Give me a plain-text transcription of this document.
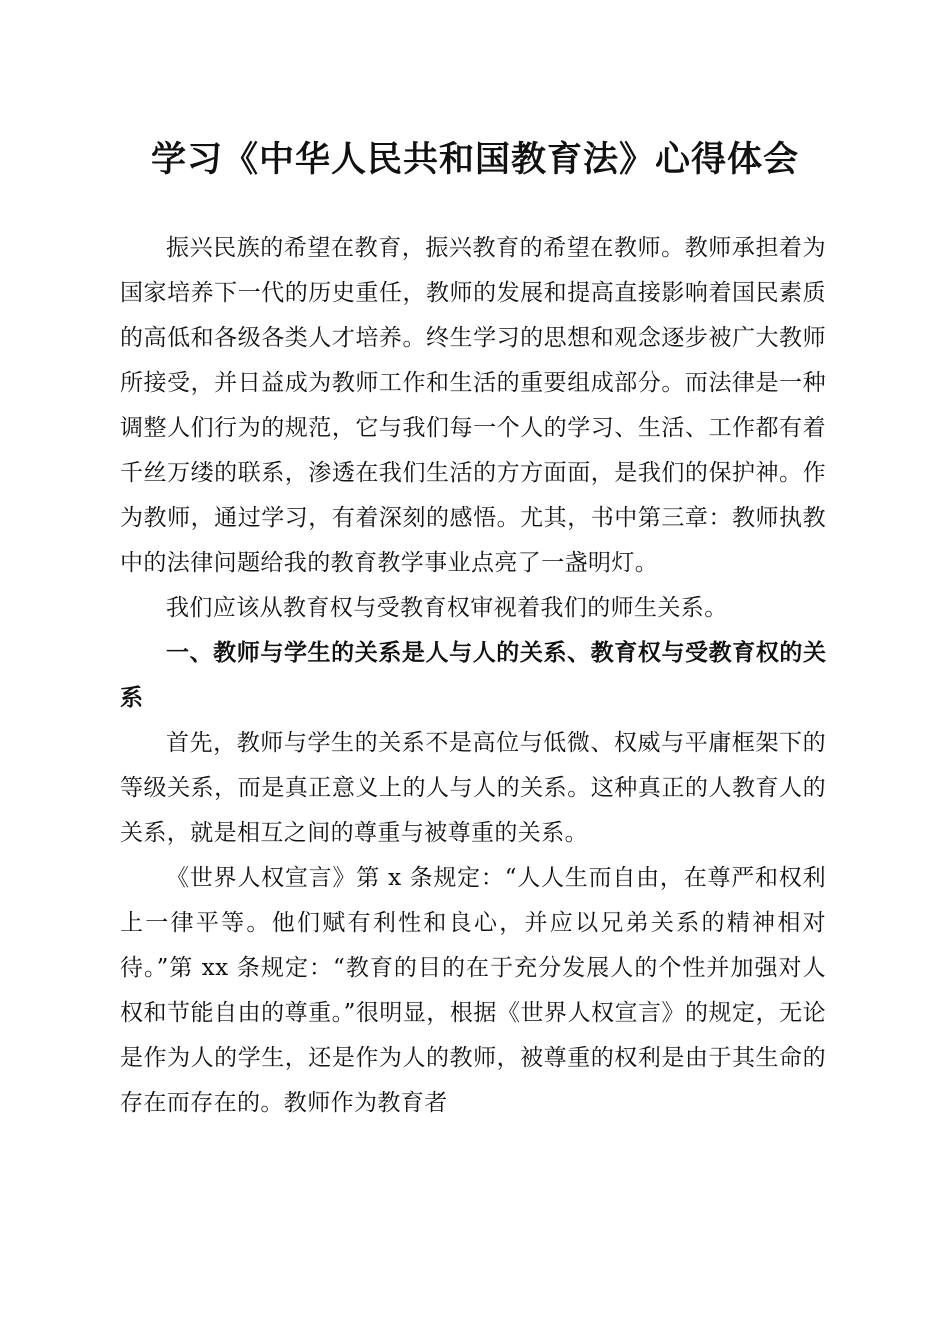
学习《中华人民共和国教育法》心得体会

振兴民族的希望在教育，振兴教育的希望在教师。教师承担着为国家培养下一代的历史重任，教师的发展和提高直接影响着国民素质的高低和各级各类人才培养。终生学习的思想和观念逐步被广大教师所接受，并日益成为教师工作和生活的重要组成部分。而法律是一种调整人们行为的规范，它与我们每一个人的学习、生活、工作都有着千丝万缕的联系，渗透在我们生活的方方面面，是我们的保护神。作为教师，通过学习，有着深刻的感悟。尤其，书中第三章：教师执教中的法律问题给我的教育教学事业点亮了一盏明灯。

我们应该从教育权与受教育权审视着我们的师生关系。

一、教师与学生的关系是人与人的关系、教育权与受教育权的关系

首先，教师与学生的关系不是高位与低微、权威与平庸框架下的等级关系，而是真正意义上的人与人的关系。这种真正的人教育人的关系，就是相互之间的尊重与被尊重的关系。

《世界人权宣言》第 x 条规定：“人人生而自由，在尊严和权利上一律平等。他们赋有利性和良心，并应以兄弟关系的精神相对待。”第 xx 条规定：“教育的目的在于充分发展人的个性并加强对人权和节能自由的尊重。”很明显，根据《世界人权宣言》的规定，无论是作为人的学生，还是作为人的教师，被尊重的权利是由于其生命的存在而存在的。教师作为教育者
